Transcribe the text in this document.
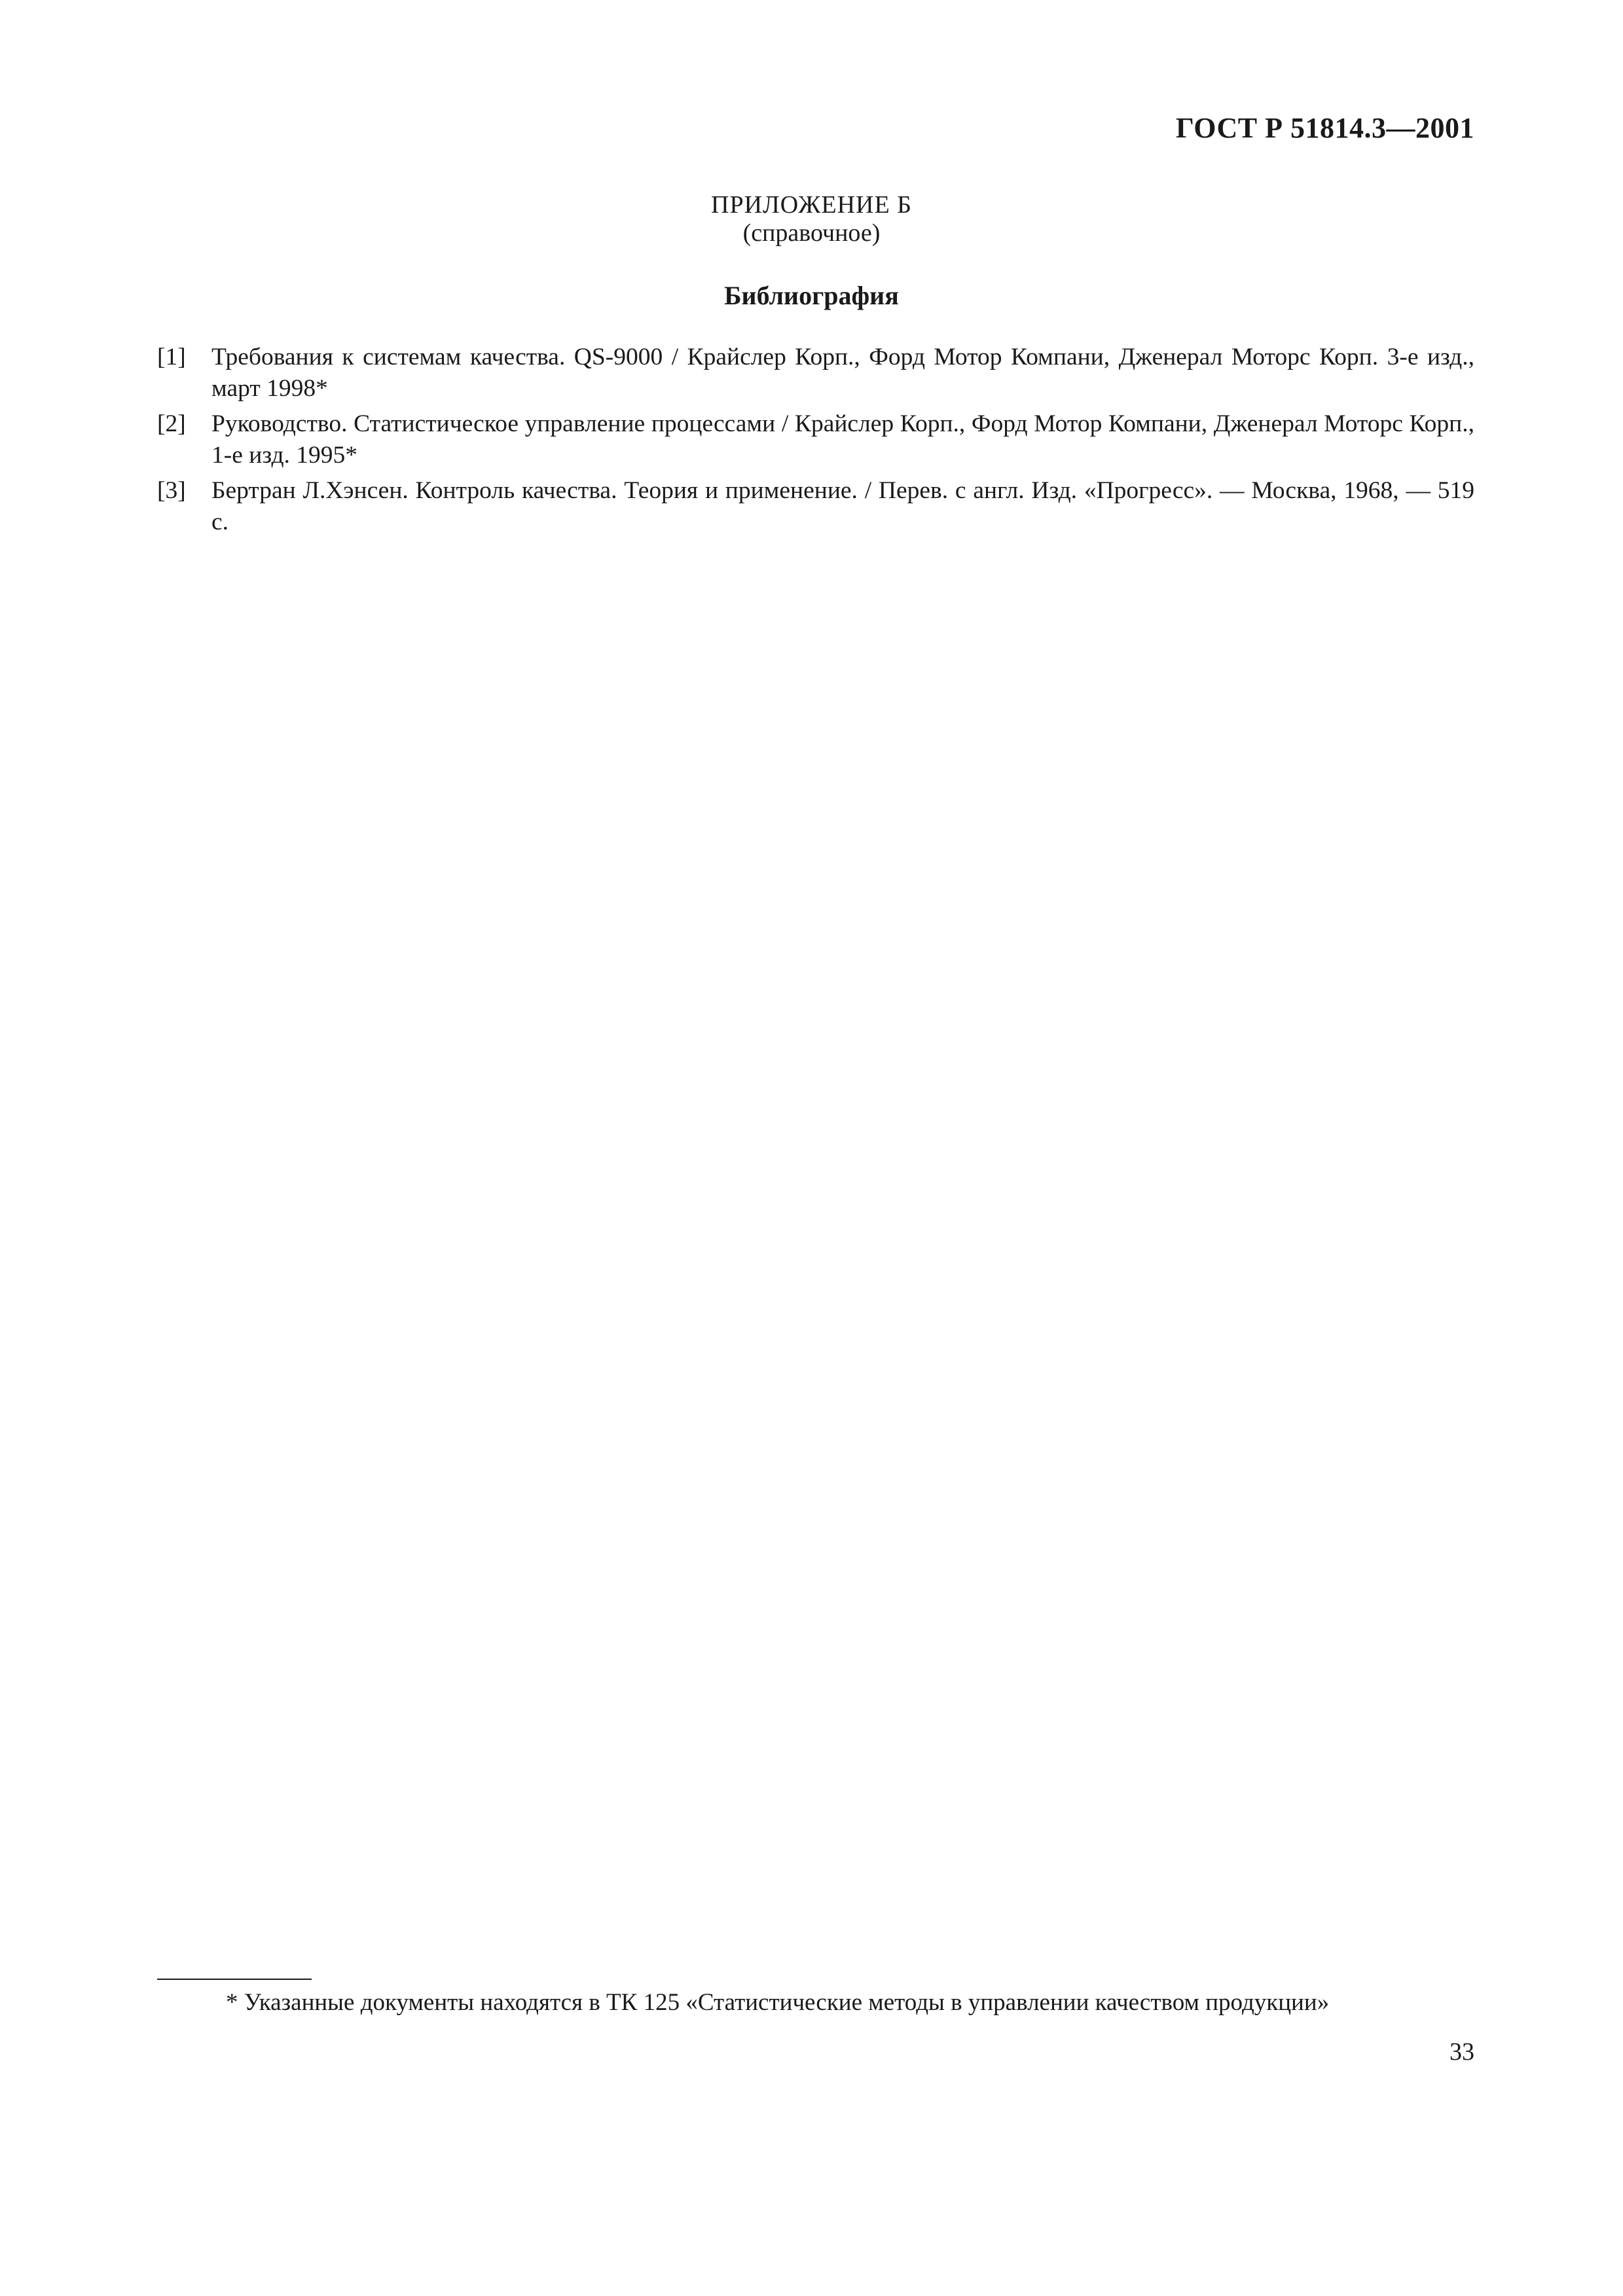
ГОСТ Р 51814.3—2001
ПРИЛОЖЕНИЕ Б
(справочное)
Библиография
[1] Требования к системам качества. QS-9000 / Крайслер Корп., Форд Мотор Компани, Дженерал Моторс Корп. 3-е изд., март 1998*
[2] Руководство. Статистическое управление процессами / Крайслер Корп., Форд Мотор Компани, Дженерал Моторс Корп., 1-е изд. 1995*
[3] Бертран Л.Хэнсен. Контроль качества. Теория и применение. / Перев. с англ. Изд. «Прогресс». — Москва, 1968, — 519 с.
* Указанные документы находятся в ТК 125 «Статистические методы в управлении качеством продукции»
33
